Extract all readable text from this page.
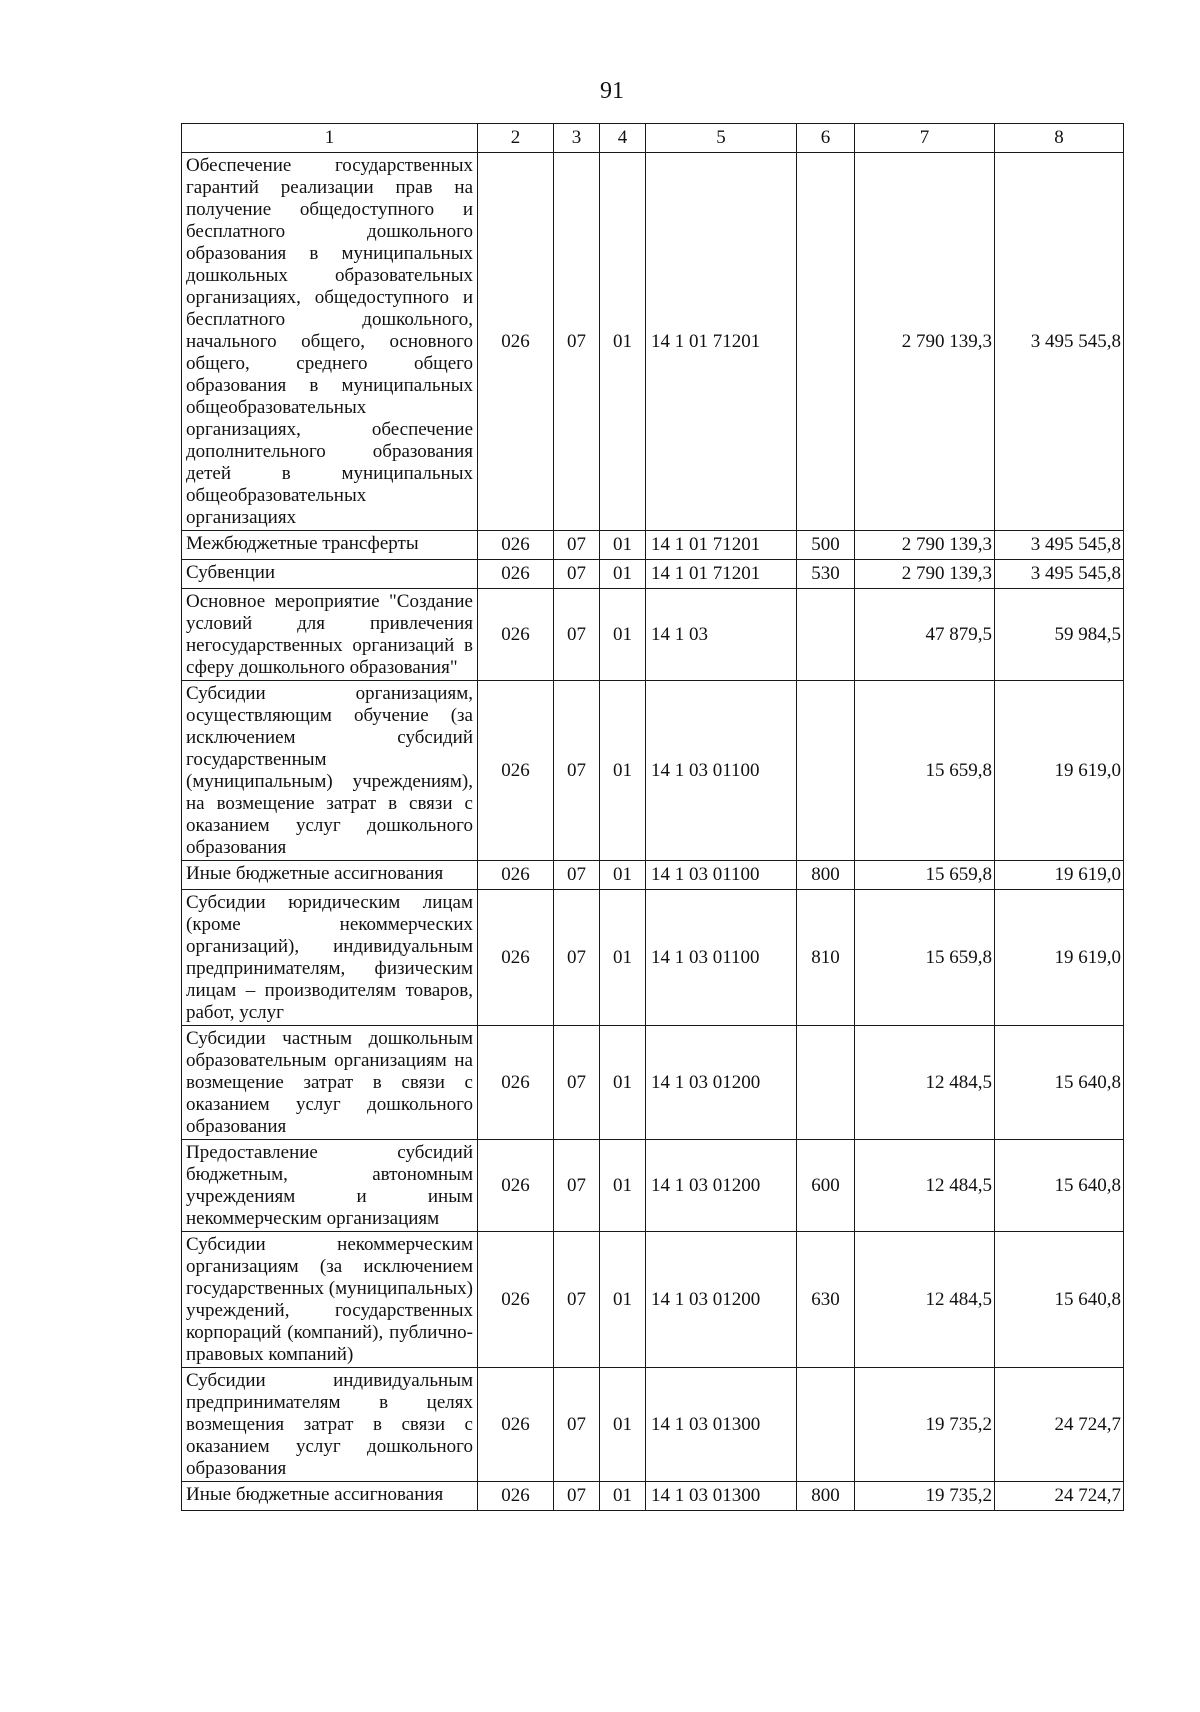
91
1	2	3	4	5	6	7	8
Обеспечение государственных гарантий реализации прав на получение общедоступного и бесплатного дошкольного образования в муниципальных дошкольных образовательных организациях, общедоступного и бесплатного дошкольного, начального общего, основного общего, среднего общего образования в муниципальных общеобразовательных организациях, обеспечение дополнительного образования детей в муниципальных общеобразовательных организациях	026	07	01	14 1 01 71201		2 790 139,3	3 495 545,8
Межбюджетные трансферты	026	07	01	14 1 01 71201	500	2 790 139,3	3 495 545,8
Субвенции	026	07	01	14 1 01 71201	530	2 790 139,3	3 495 545,8
Основное мероприятие "Создание условий для привлечения негосударственных организаций в сферу дошкольного образования"	026	07	01	14 1 03		47 879,5	59 984,5
Субсидии организациям, осуществляющим обучение (за исключением субсидий государственным (муниципальным) учреждениям), на возмещение затрат в связи с оказанием услуг дошкольного образования	026	07	01	14 1 03 01100		15 659,8	19 619,0
Иные бюджетные ассигнования	026	07	01	14 1 03 01100	800	15 659,8	19 619,0
Субсидии юридическим лицам (кроме некоммерческих организаций), индивидуальным предпринимателям, физическим лицам – производителям товаров, работ, услуг	026	07	01	14 1 03 01100	810	15 659,8	19 619,0
Субсидии частным дошкольным образовательным организациям на возмещение затрат в связи с оказанием услуг дошкольного образования	026	07	01	14 1 03 01200		12 484,5	15 640,8
Предоставление субсидий бюджетным, автономным учреждениям и иным некоммерческим организациям	026	07	01	14 1 03 01200	600	12 484,5	15 640,8
Субсидии некоммерческим организациям (за исключением государственных (муниципальных) учреждений, государственных корпораций (компаний), публично-правовых компаний)	026	07	01	14 1 03 01200	630	12 484,5	15 640,8
Субсидии индивидуальным предпринимателям в целях возмещения затрат в связи с оказанием услуг дошкольного образования	026	07	01	14 1 03 01300		19 735,2	24 724,7
Иные бюджетные ассигнования	026	07	01	14 1 03 01300	800	19 735,2	24 724,7
